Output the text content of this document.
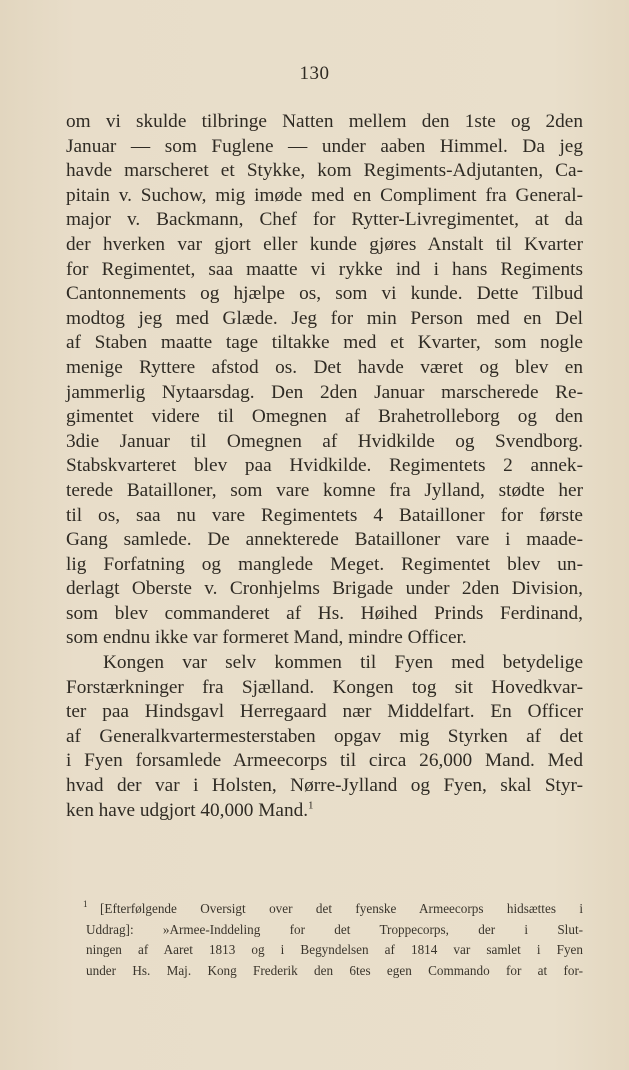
130
om vi skulde tilbringe Natten mellem den 1ste og 2den
Januar — som Fuglene — under aaben Himmel. Da jeg
havde marscheret et Stykke, kom Regiments-Adjutanten, Ca-
pitain v. Suchow, mig imøde med en Compliment fra General-
major v. Backmann, Chef for Rytter-Livregimentet, at da
der hverken var gjort eller kunde gjøres Anstalt til Kvarter
for Regimentet, saa maatte vi rykke ind i hans Regiments
Cantonnements og hjælpe os, som vi kunde. Dette Tilbud
modtog jeg med Glæde. Jeg for min Person med en Del
af Staben maatte tage tiltakke med et Kvarter, som nogle
menige Ryttere afstod os. Det havde været og blev en
jammerlig Nytaarsdag. Den 2den Januar marscherede Re-
gimentet videre til Omegnen af Brahetrolleborg og den
3die Januar til Omegnen af Hvidkilde og Svendborg.
Stabskvarteret blev paa Hvidkilde. Regimentets 2 annek-
terede Batailloner, som vare komne fra Jylland, stødte her
til os, saa nu vare Regimentets 4 Batailloner for første
Gang samlede. De annekterede Batailloner vare i maade-
lig Forfatning og manglede Meget. Regimentet blev un-
derlagt Oberste v. Cronhjelms Brigade under 2den Division,
som blev commanderet af Hs. Høihed Prinds Ferdinand,
som endnu ikke var formeret Mand, mindre Officer.
Kongen var selv kommen til Fyen med betydelige
Forstærkninger fra Sjælland. Kongen tog sit Hovedkvar-
ter paa Hindsgavl Herregaard nær Middelfart. En Officer
af Generalkvartermesterstaben opgav mig Styrken af det
i Fyen forsamlede Armeecorps til circa 26,000 Mand. Med
hvad der var i Holsten, Nørre-Jylland og Fyen, skal Styr-
ken have udgjort 40,000 Mand.$^1$
1 [Efterfølgende Oversigt over det fyenske Armeecorps hidsættes i
Uddrag]: »Armee-Inddeling for det Troppecorps, der i Slut-
ningen af Aaret 1813 og i Begyndelsen af 1814 var samlet i Fyen
under Hs. Maj. Kong Frederik den 6tes egen Commando for at for-
